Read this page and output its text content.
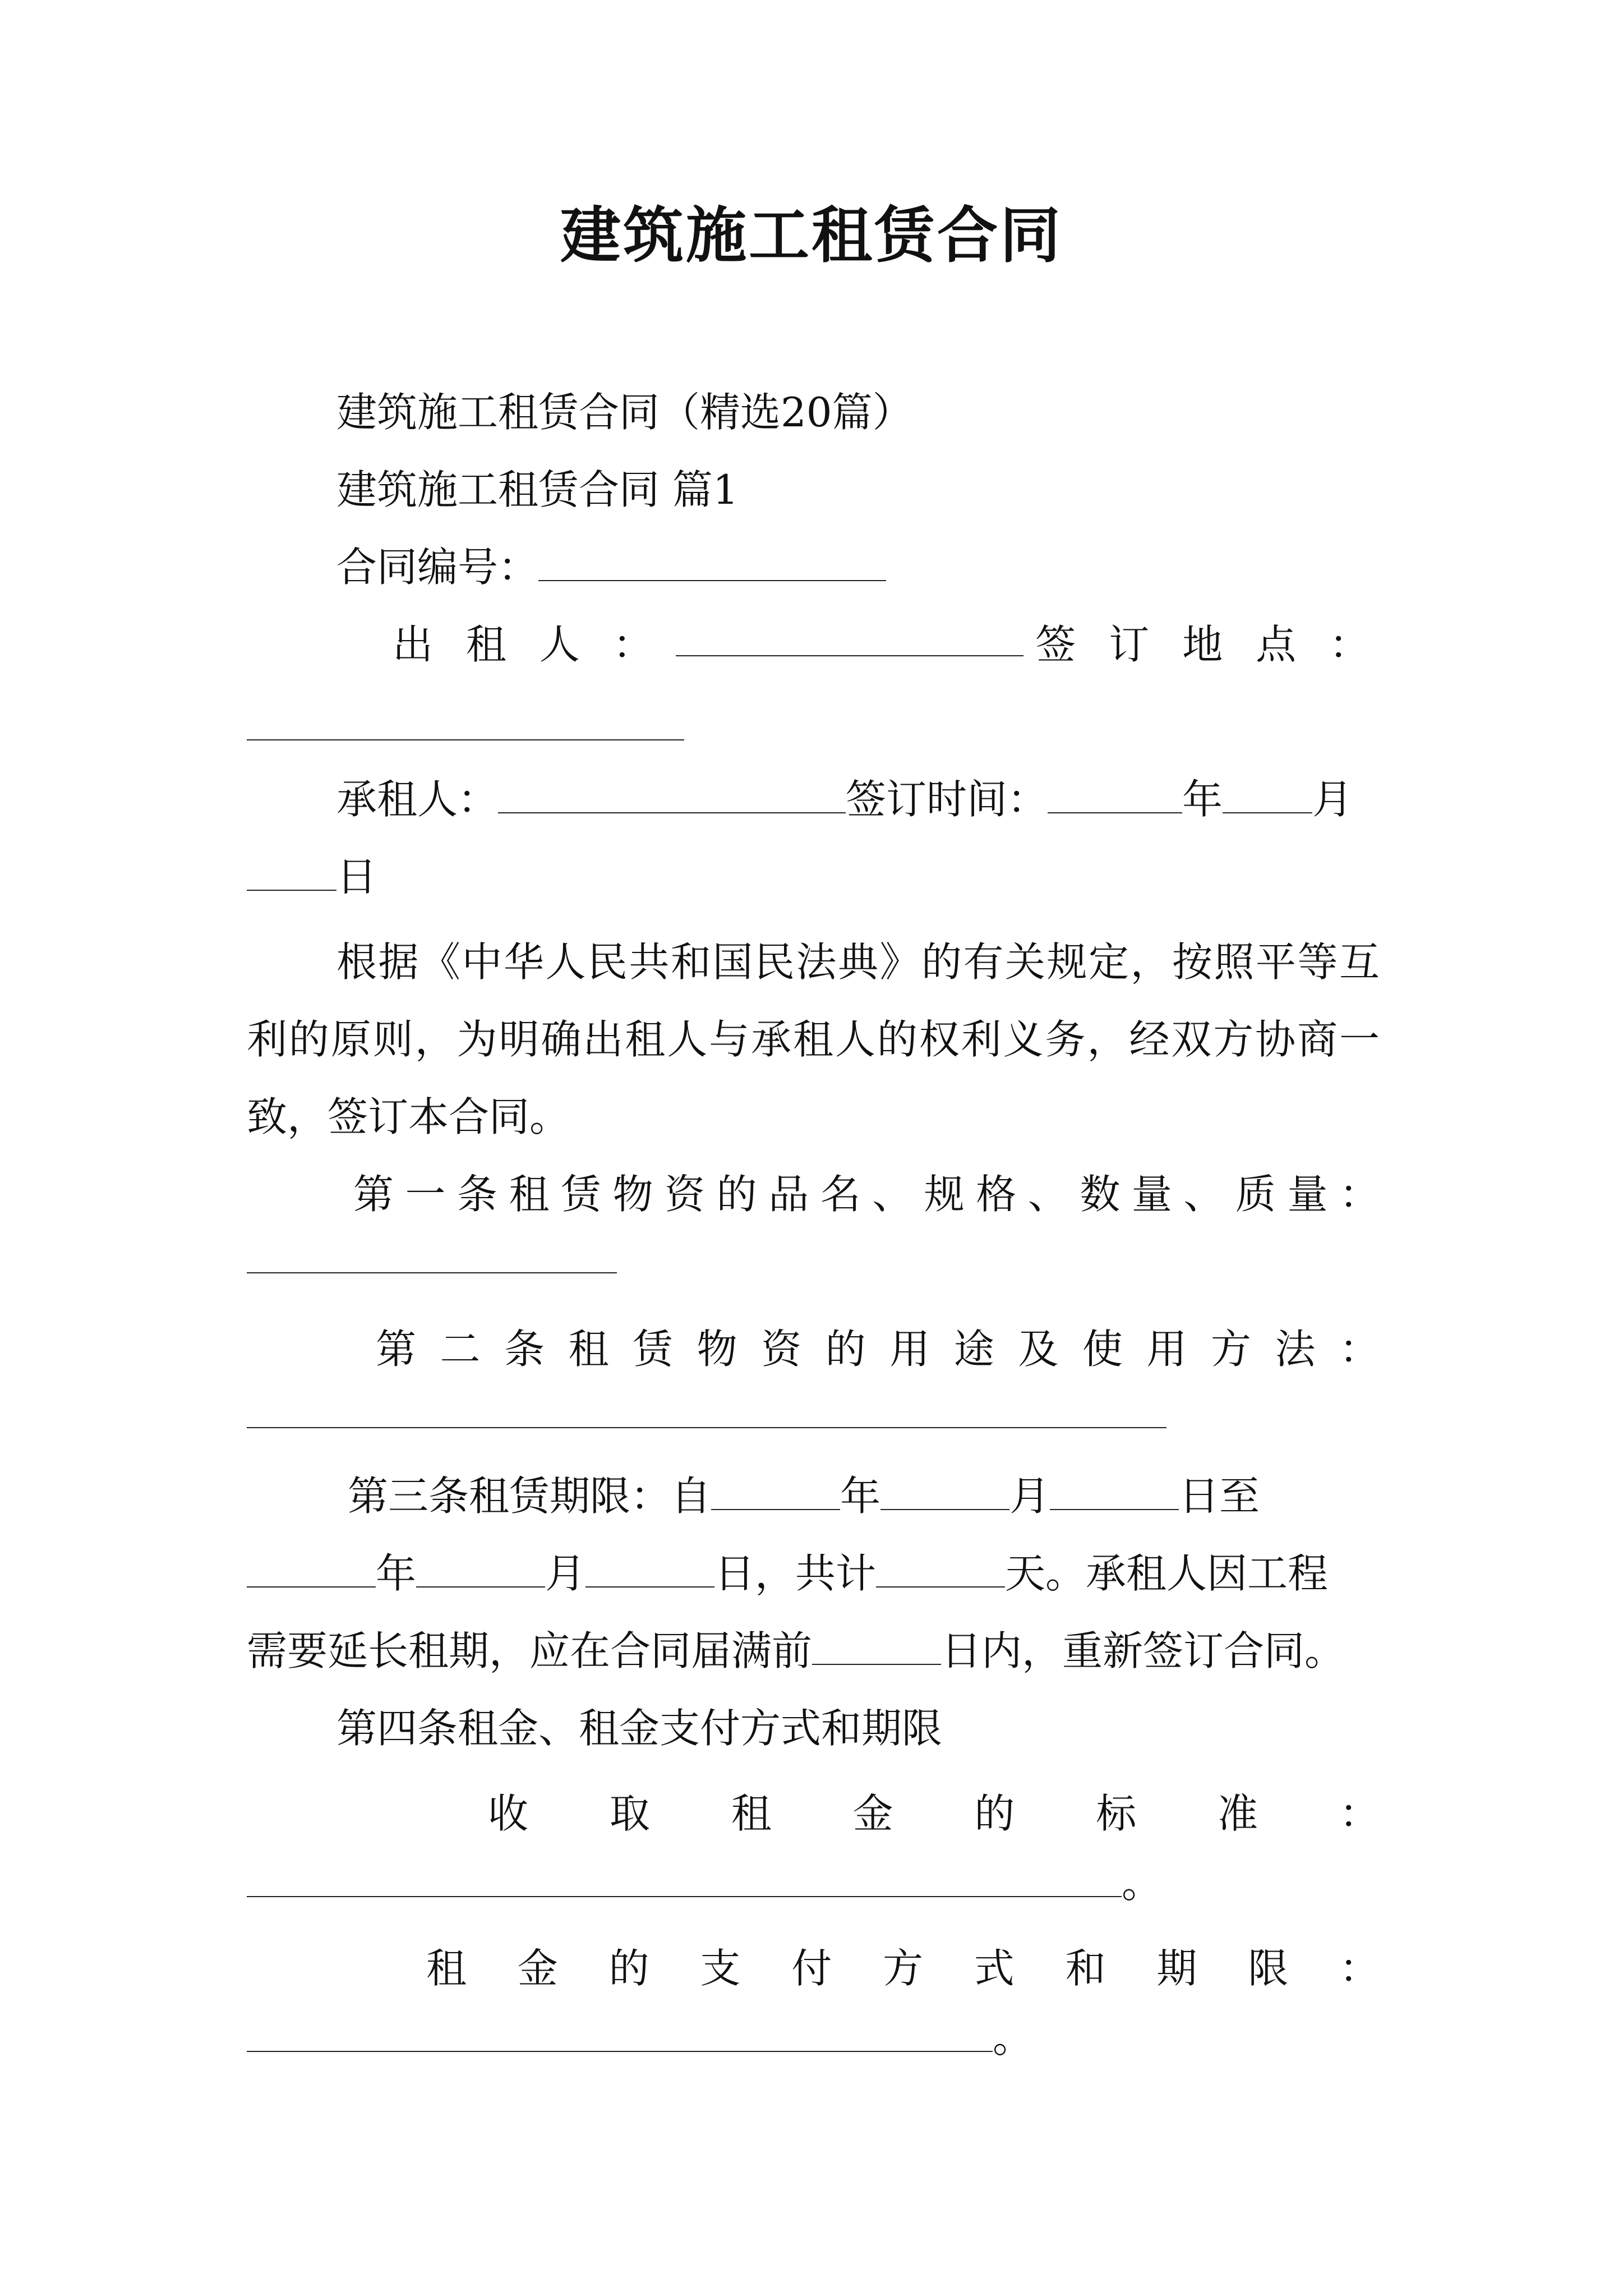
建筑施工租赁合同
建筑施工租赁合同（精选20篇）
建筑施工租赁合同 篇1
合同编号：
出 租 人 ：	签 订 地 点 ：
承租人：	签订时间：	年 月
日
根据《中华人民共和国民法典》的有关规定，按照平等互利的原则，为明确出租人与承租人的权利义务，经双方协商一致，签订本合同。
第一条租赁物资的品名、规格、数量、质量：
第二条租赁物资的用途及使用方法：
第三条租赁期限：自	年	月	日至
年	月	日，共计	天。承租人因工程
需要延长租期，应在合同届满前	日内，重新签订合同。
第四条租金、租金支付方式和期限
收 取 租 金 的 标 准 ：
。
租 金 的 支 付 方 式 和 期 限 ：
。
